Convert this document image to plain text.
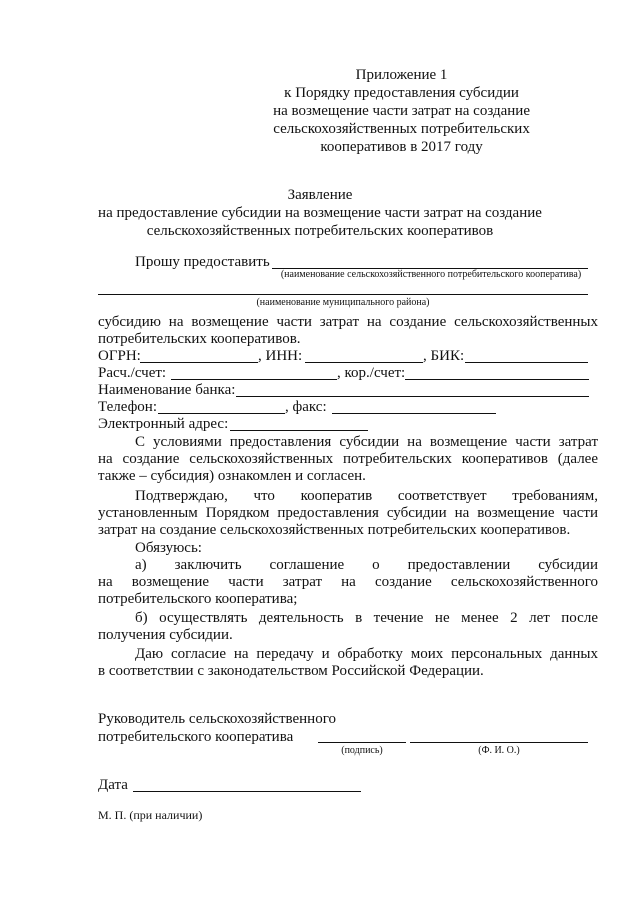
Приложение 1
к Порядку предоставления субсидии
на возмещение части затрат на создание
сельскохозяйственных потребительских
кооперативов в 2017 году
Заявление
на предоставление субсидии на возмещение части затрат на создание
сельскохозяйственных потребительских кооперативов
Прошу предоставить
(наименование сельскохозяйственного потребительского кооператива)
(наименование муниципального района)
субсидию на возмещение части затрат на создание сельскохозяйственных
потребительских кооперативов.
ОГРН:	, ИНН:	, БИК:
Расч./счет:	, кор./счет:
Наименование банка:
Телефон:	, факс:
Электронный адрес:
С условиями предоставления субсидии на возмещение части затрат
на создание сельскохозяйственных потребительских кооперативов (далее
также – субсидия) ознакомлен и согласен.
Подтверждаю, что кооператив соответствует требованиям,
установленным Порядком предоставления субсидии на возмещение части
затрат на создание сельскохозяйственных потребительских кооперативов.
Обязуюсь:
а) заключить соглашение о предоставлении субсидии
на возмещение части затрат на создание сельскохозяйственного
потребительского кооператива;
б) осуществлять деятельность в течение не менее 2 лет после
получения субсидии.
Даю согласие на передачу и обработку моих персональных данных
в соответствии с законодательством Российской Федерации.
Руководитель сельскохозяйственного
потребительского кооператива
(подпись)	(Ф. И. О.)
Дата
М. П. (при наличии)
